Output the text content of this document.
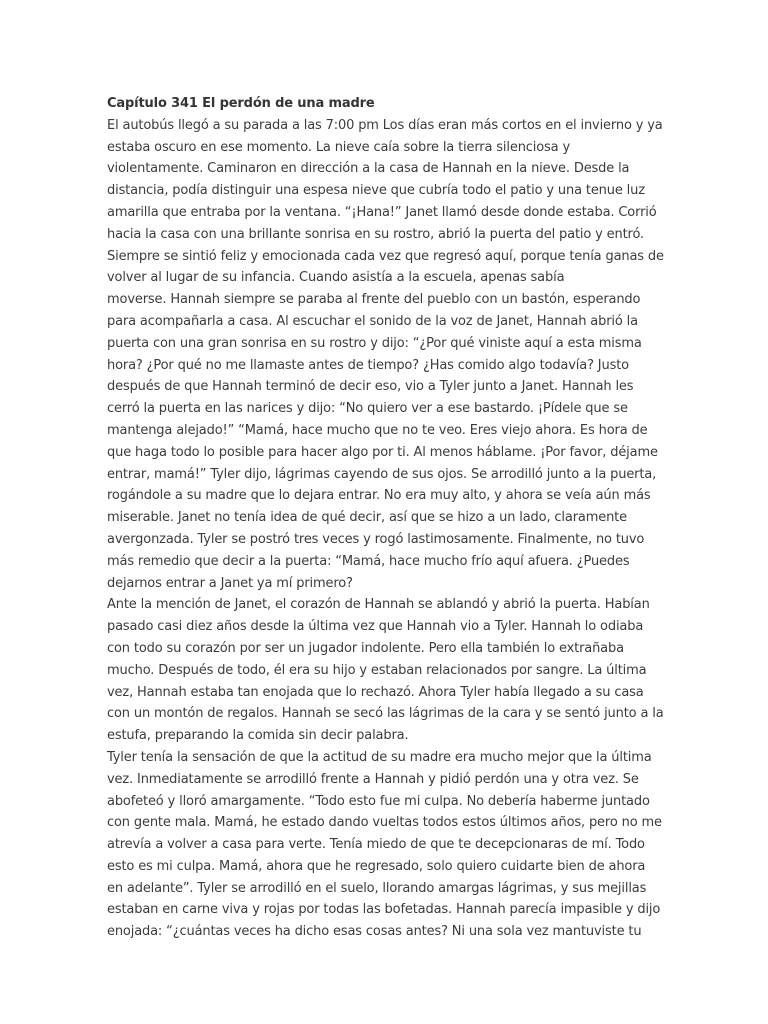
Capítulo 341 El perdón de una madre
El autobús llegó a su parada a las 7:00 pm Los días eran más cortos en el invierno y ya
estaba oscuro en ese momento. La nieve caía sobre la tierra silenciosa y
violentamente. Caminaron en dirección a la casa de Hannah en la nieve. Desde la
distancia, podía distinguir una espesa nieve que cubría todo el patio y una tenue luz
amarilla que entraba por la ventana. “¡Hana!” Janet llamó desde donde estaba. Corrió
hacia la casa con una brillante sonrisa en su rostro, abrió la puerta del patio y entró.
Siempre se sintió feliz y emocionada cada vez que regresó aquí, porque tenía ganas de
volver al lugar de su infancia. Cuando asistía a la escuela, apenas sabía
moverse. Hannah siempre se paraba al frente del pueblo con un bastón, esperando
para acompañarla a casa. Al escuchar el sonido de la voz de Janet, Hannah abrió la
puerta con una gran sonrisa en su rostro y dijo: “¿Por qué viniste aquí a esta misma
hora? ¿Por qué no me llamaste antes de tiempo? ¿Has comido algo todavía? Justo
después de que Hannah terminó de decir eso, vio a Tyler junto a Janet. Hannah les
cerró la puerta en las narices y dijo: “No quiero ver a ese bastardo. ¡Pídele que se
mantenga alejado!” “Mamá, hace mucho que no te veo. Eres viejo ahora. Es hora de
que haga todo lo posible para hacer algo por ti. Al menos háblame. ¡Por favor, déjame
entrar, mamá!” Tyler dijo, lágrimas cayendo de sus ojos. Se arrodilló junto a la puerta,
rogándole a su madre que lo dejara entrar. No era muy alto, y ahora se veía aún más
miserable. Janet no tenía idea de qué decir, así que se hizo a un lado, claramente
avergonzada. Tyler se postró tres veces y rogó lastimosamente. Finalmente, no tuvo
más remedio que decir a la puerta: “Mamá, hace mucho frío aquí afuera. ¿Puedes
dejarnos entrar a Janet ya mí primero?
Ante la mención de Janet, el corazón de Hannah se ablandó y abrió la puerta. Habían
pasado casi diez años desde la última vez que Hannah vio a Tyler. Hannah lo odiaba
con todo su corazón por ser un jugador indolente. Pero ella también lo extrañaba
mucho. Después de todo, él era su hijo y estaban relacionados por sangre. La última
vez, Hannah estaba tan enojada que lo rechazó. Ahora Tyler había llegado a su casa
con un montón de regalos. Hannah se secó las lágrimas de la cara y se sentó junto a la
estufa, preparando la comida sin decir palabra.
Tyler tenía la sensación de que la actitud de su madre era mucho mejor que la última
vez. Inmediatamente se arrodilló frente a Hannah y pidió perdón una y otra vez. Se
abofeteó y lloró amargamente. “Todo esto fue mi culpa. No debería haberme juntado
con gente mala. Mamá, he estado dando vueltas todos estos últimos años, pero no me
atrevía a volver a casa para verte. Tenía miedo de que te decepcionaras de mí. Todo
esto es mi culpa. Mamá, ahora que he regresado, solo quiero cuidarte bien de ahora
en adelante”. Tyler se arrodilló en el suelo, llorando amargas lágrimas, y sus mejillas
estaban en carne viva y rojas por todas las bofetadas. Hannah parecía impasible y dijo
enojada: “¿cuántas veces ha dicho esas cosas antes? Ni una sola vez mantuviste tu
